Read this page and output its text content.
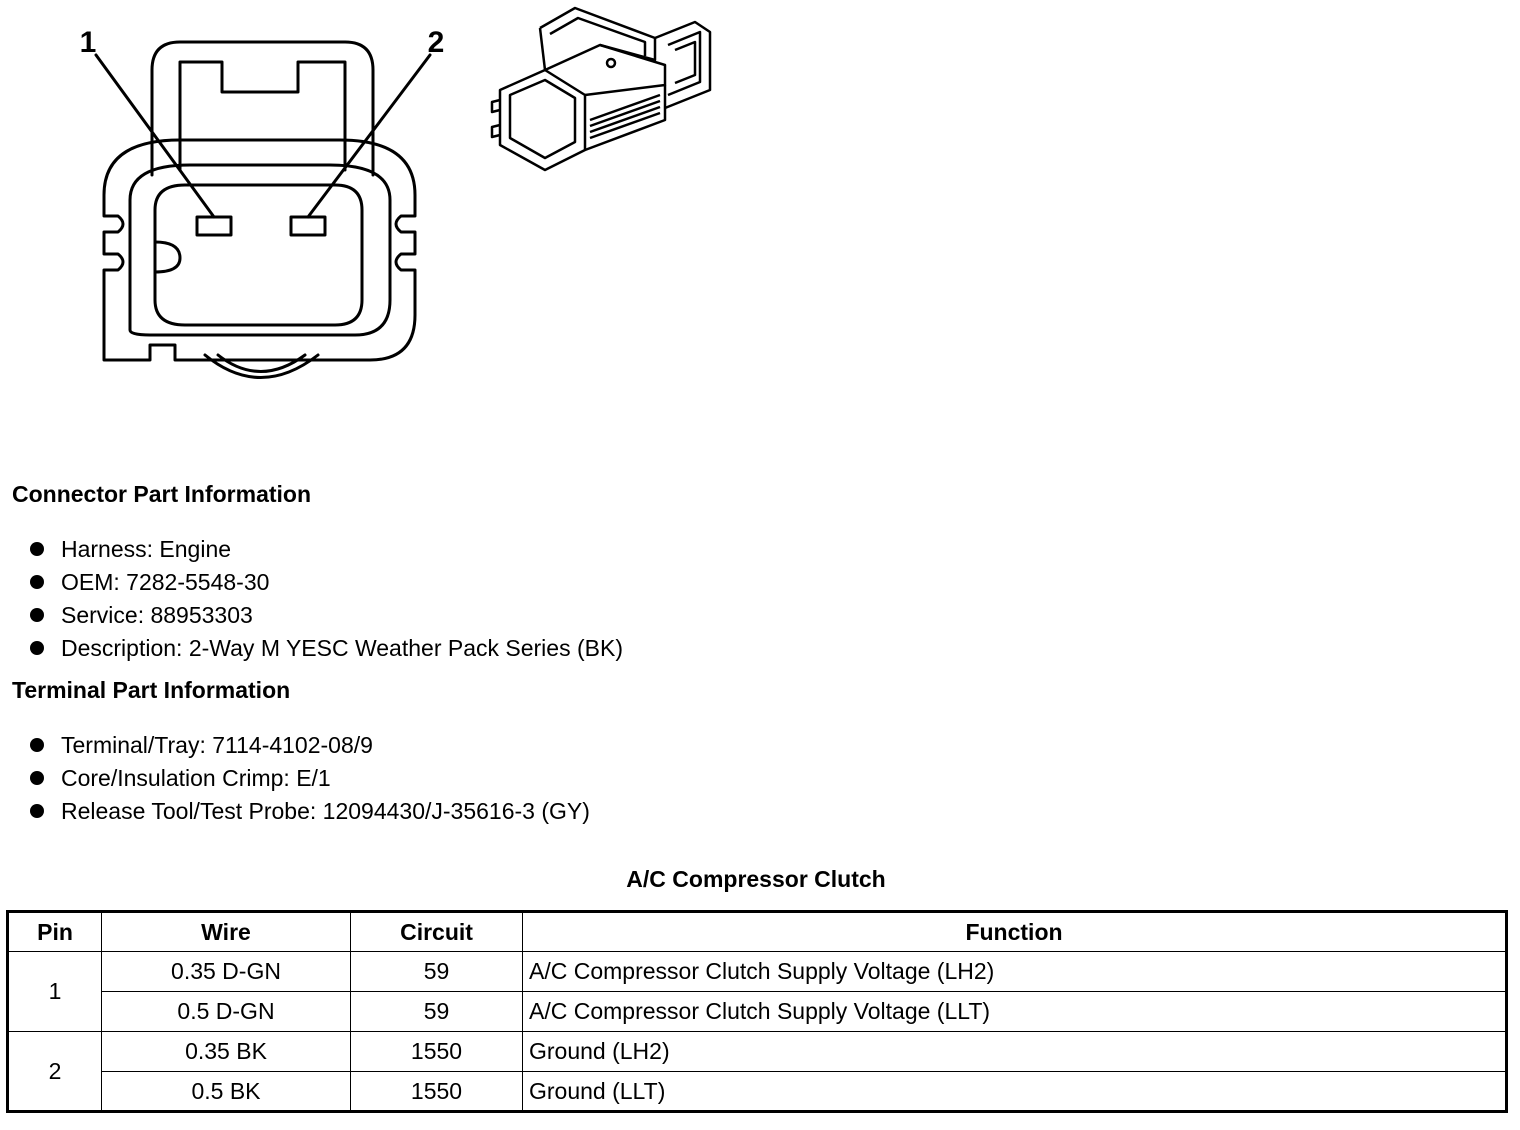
1	2
Connector Part Information
Harness: Engine
OEM: 7282-5548-30
Service: 88953303
Description: 2-Way M YESC Weather Pack Series (BK)
Terminal Part Information
Terminal/Tray: 7114-4102-08/9
Core/Insulation Crimp: E/1
Release Tool/Test Probe: 12094430/J-35616-3 (GY)
A/C Compressor Clutch
Pin	Wire	Circuit	Function
1	0.35 D-GN	59	A/C Compressor Clutch Supply Voltage (LH2)
	0.5 D-GN	59	A/C Compressor Clutch Supply Voltage (LLT)
2	0.35 BK	1550	Ground (LH2)
	0.5 BK	1550	Ground (LLT)
